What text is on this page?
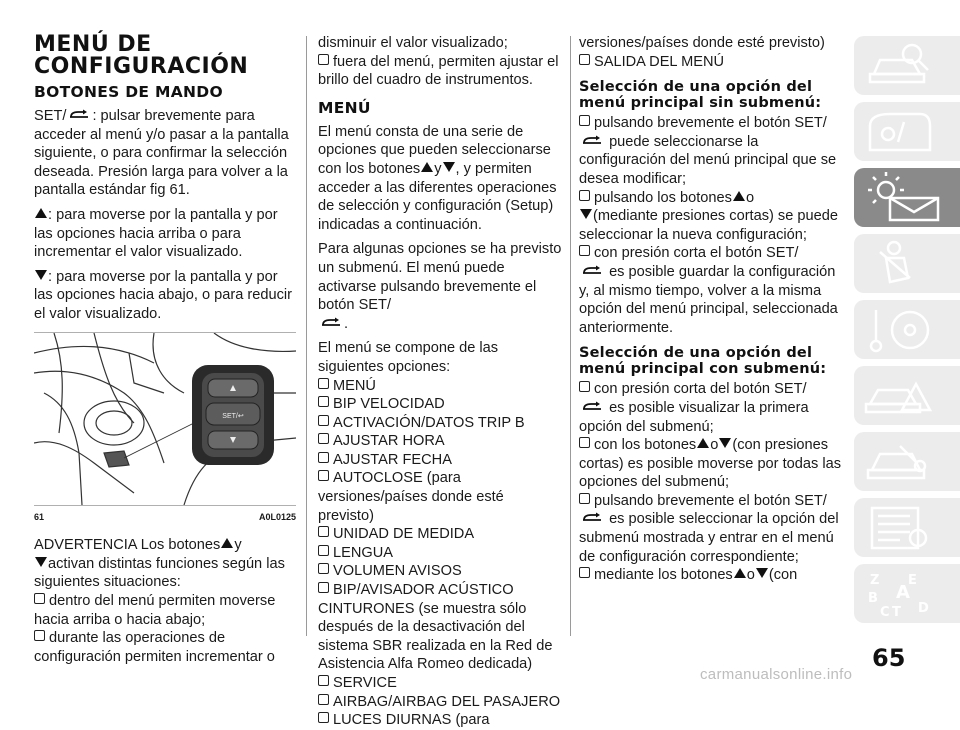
MENÚ DE
CONFIGURACIÓN
BOTONES DE MANDO

SET/ : pulsar brevemente para acceder al menú y/o pasar a la pantalla siguiente, o para confirmar la selección deseada. Presión larga para volver a la pantalla estándar fig 61.

: para moverse por la pantalla y por las opciones hacia arriba o para incrementar el valor visualizado.

: para moverse por la pantalla y por las opciones hacia abajo, o para reducir el valor visualizado.

SET/↩
61	A0L0125

ADVERTENCIA Los botones y
activan distintas funciones según las siguientes situaciones:

dentro del menú permiten moverse hacia arriba o hacia abajo;

durante las operaciones de configuración permiten incrementar o

disminuir el valor visualizado;

fuera del menú, permiten ajustar el brillo del cuadro de instrumentos.

MENÚ

El menú consta de una serie de opciones que pueden seleccionarse con los botones y , y permiten acceder a las diferentes operaciones de selección y configuración (Setup) indicadas a continuación.

Para algunas opciones se ha previsto un submenú. El menú puede activarse pulsando brevemente el botón SET/
.

El menú se compone de las siguientes opciones:

MENÚ

BIP VELOCIDAD

ACTIVACIÓN/DATOS TRIP B

AJUSTAR HORA

AJUSTAR FECHA

AUTOCLOSE (para versiones/países donde esté previsto)

UNIDAD DE MEDIDA

LENGUA

VOLUMEN AVISOS

BIP/AVISADOR ACÚSTICO CINTURONES (se muestra sólo después de la desactivación del sistema SBR realizada en la Red de Asistencia Alfa Romeo dedicada)

SERVICE

AIRBAG/AIRBAG DEL PASAJERO

LUCES DIURNAS (para

versiones/países donde esté previsto)

SALIDA DEL MENÚ

Selección de una opción del menú principal sin submenú:

pulsando brevemente el botón SET/
puede seleccionarse la configuración del menú principal que se desea modificar;

pulsando los botones o
(mediante presiones cortas) se puede seleccionar la nueva configuración;

con presión corta el botón SET/
es posible guardar la configuración y, al mismo tiempo, volver a la misma opción del menú principal, seleccionada anteriormente.

Selección de una opción del menú principal con submenú:

con presión corta del botón SET/
es posible visualizar la primera opción del submenú;

con los botones o (con presiones cortas) es posible moverse por todas las opciones del submenú;

pulsando brevemente el botón SET/
es posible seleccionar la opción del submenú mostrada y entrar en el menú de configuración correspondiente;

mediante los botones o (con	Z E
B A
C T D
65
carmanualsonline.info
